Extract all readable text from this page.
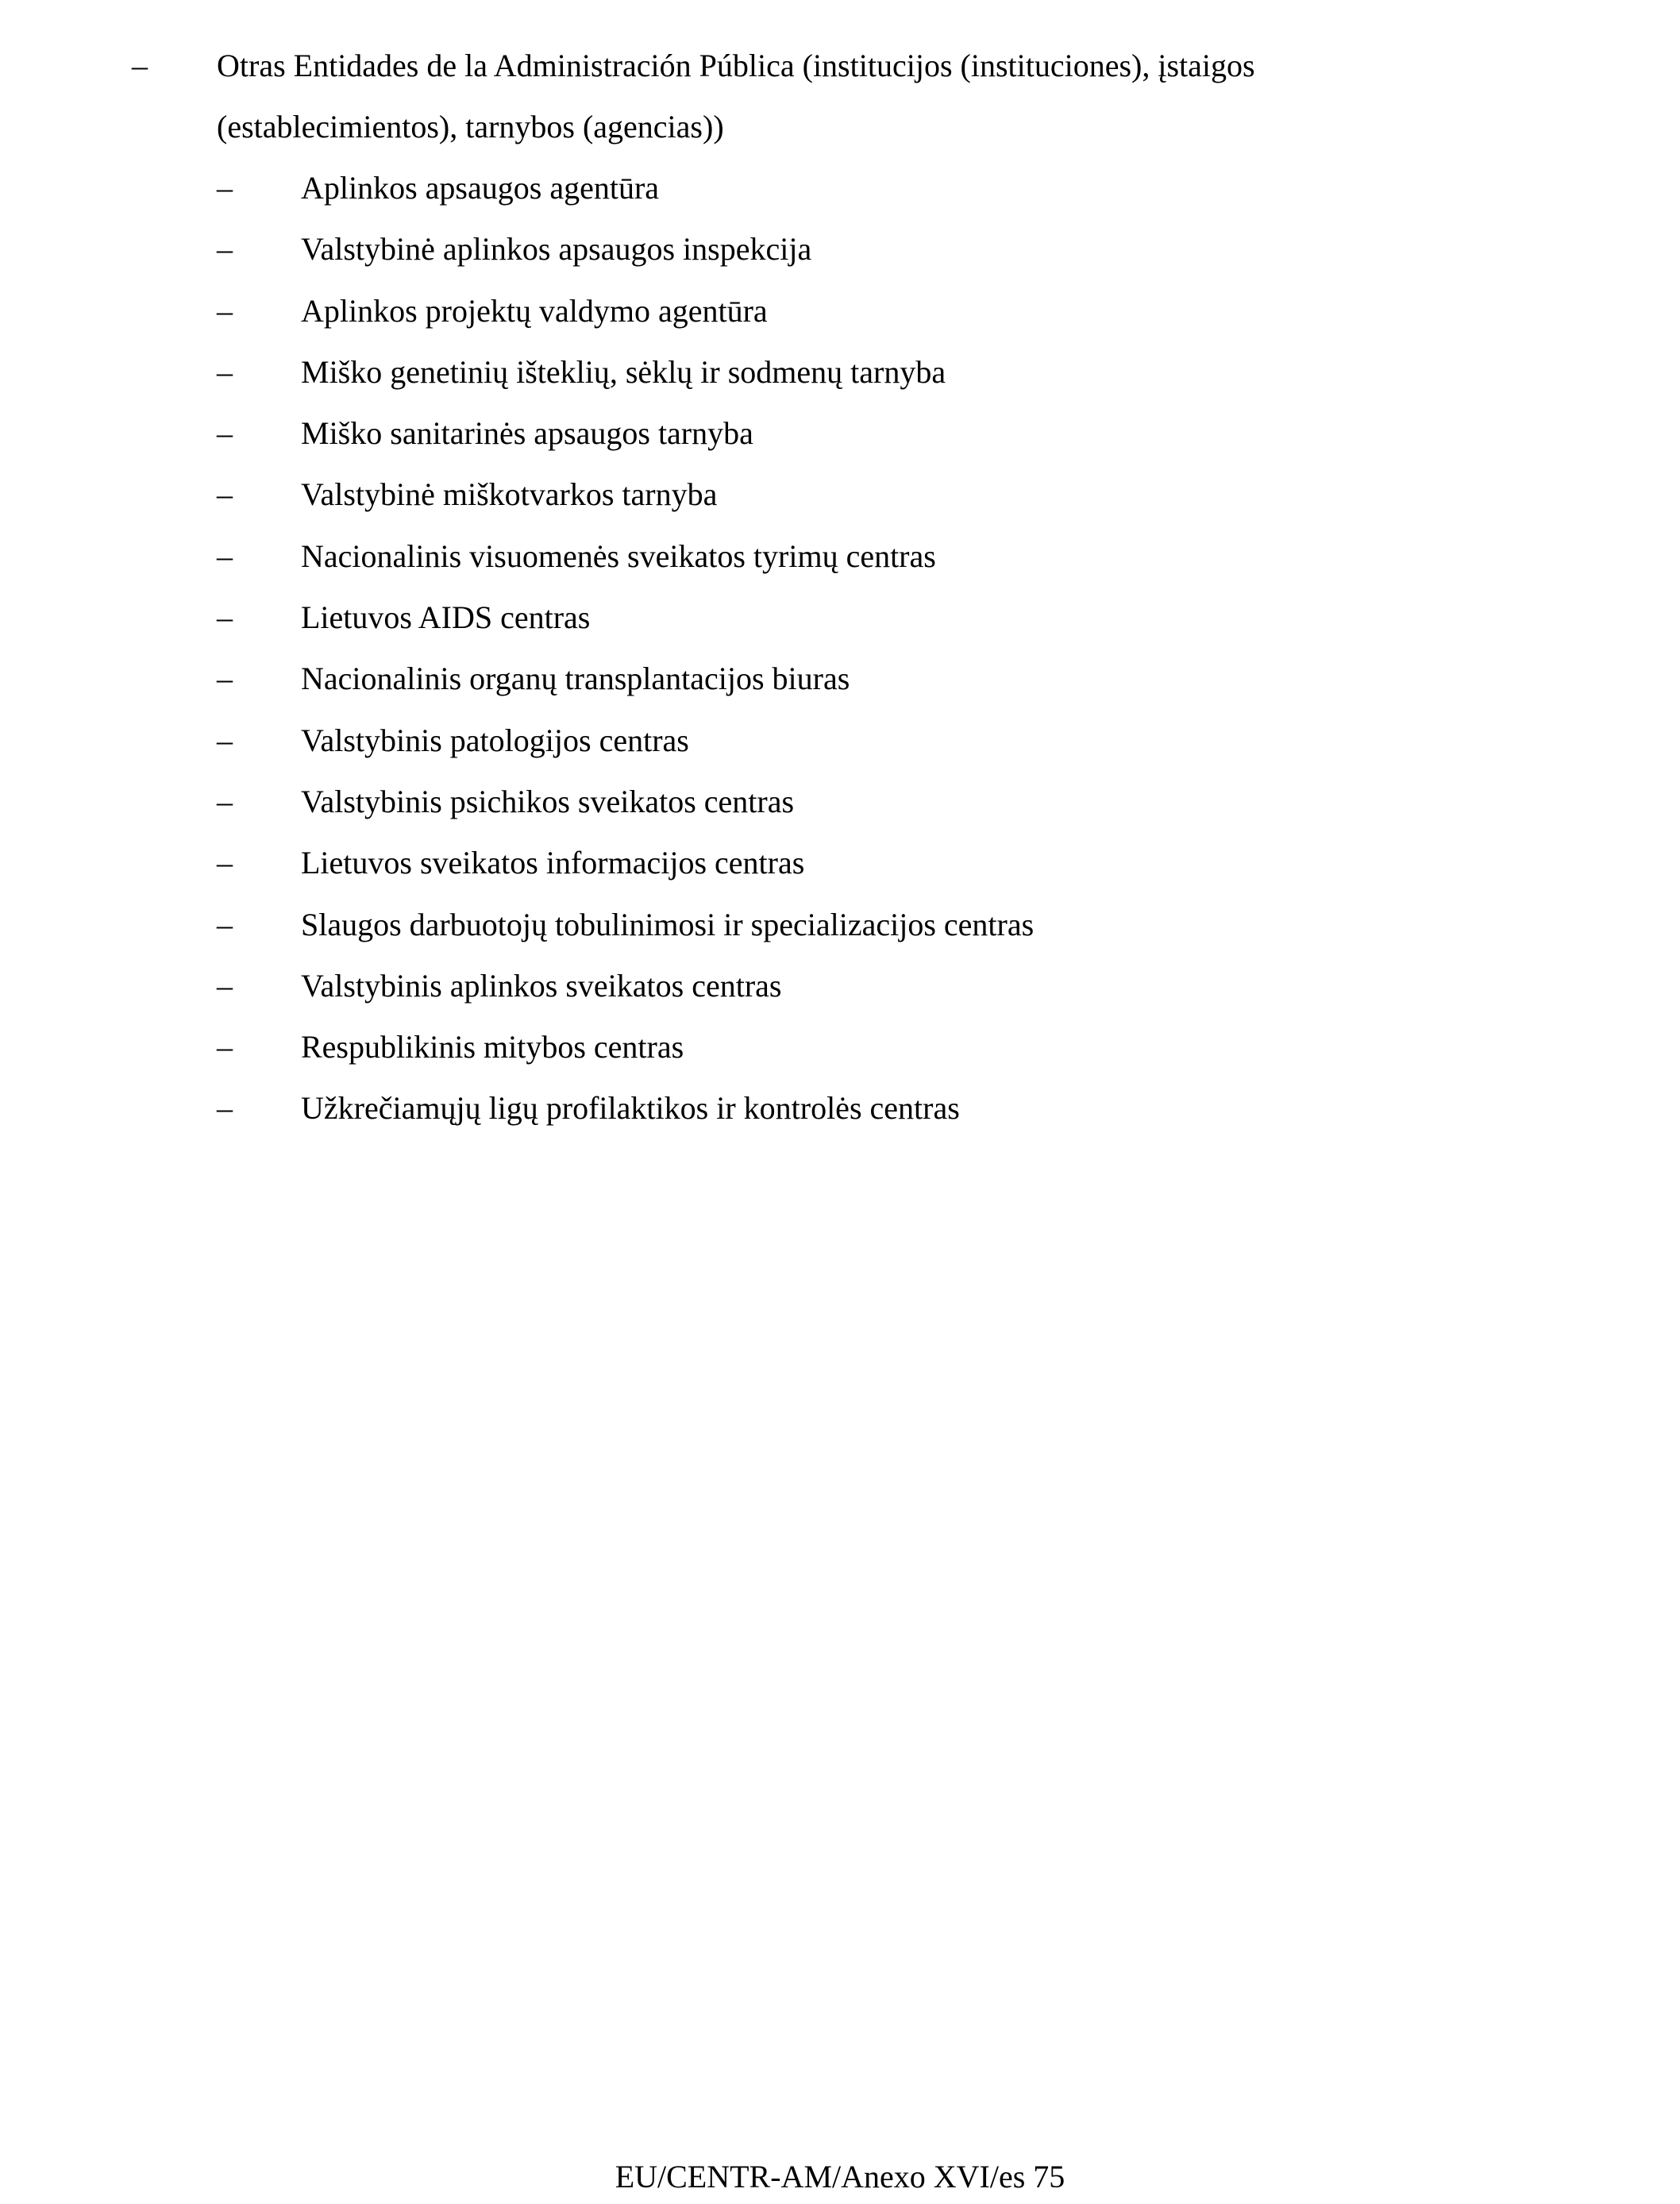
– Otras Entidades de la Administración Pública (institucijos (instituciones), įstaigos
(establecimientos), tarnybos (agencias))
– Aplinkos apsaugos agentūra
– Valstybinė aplinkos apsaugos inspekcija
– Aplinkos projektų valdymo agentūra
– Miško genetinių išteklių, sėklų ir sodmenų tarnyba
– Miško sanitarinės apsaugos tarnyba
– Valstybinė miškotvarkos tarnyba
– Nacionalinis visuomenės sveikatos tyrimų centras
– Lietuvos AIDS centras
– Nacionalinis organų transplantacijos biuras
– Valstybinis patologijos centras
– Valstybinis psichikos sveikatos centras
– Lietuvos sveikatos informacijos centras
– Slaugos darbuotojų tobulinimosi ir specializacijos centras
– Valstybinis aplinkos sveikatos centras
– Respublikinis mitybos centras
– Užkrečiamųjų ligų profilaktikos ir kontrolės centras
EU/CENTR-AM/Anexo XVI/es 75
